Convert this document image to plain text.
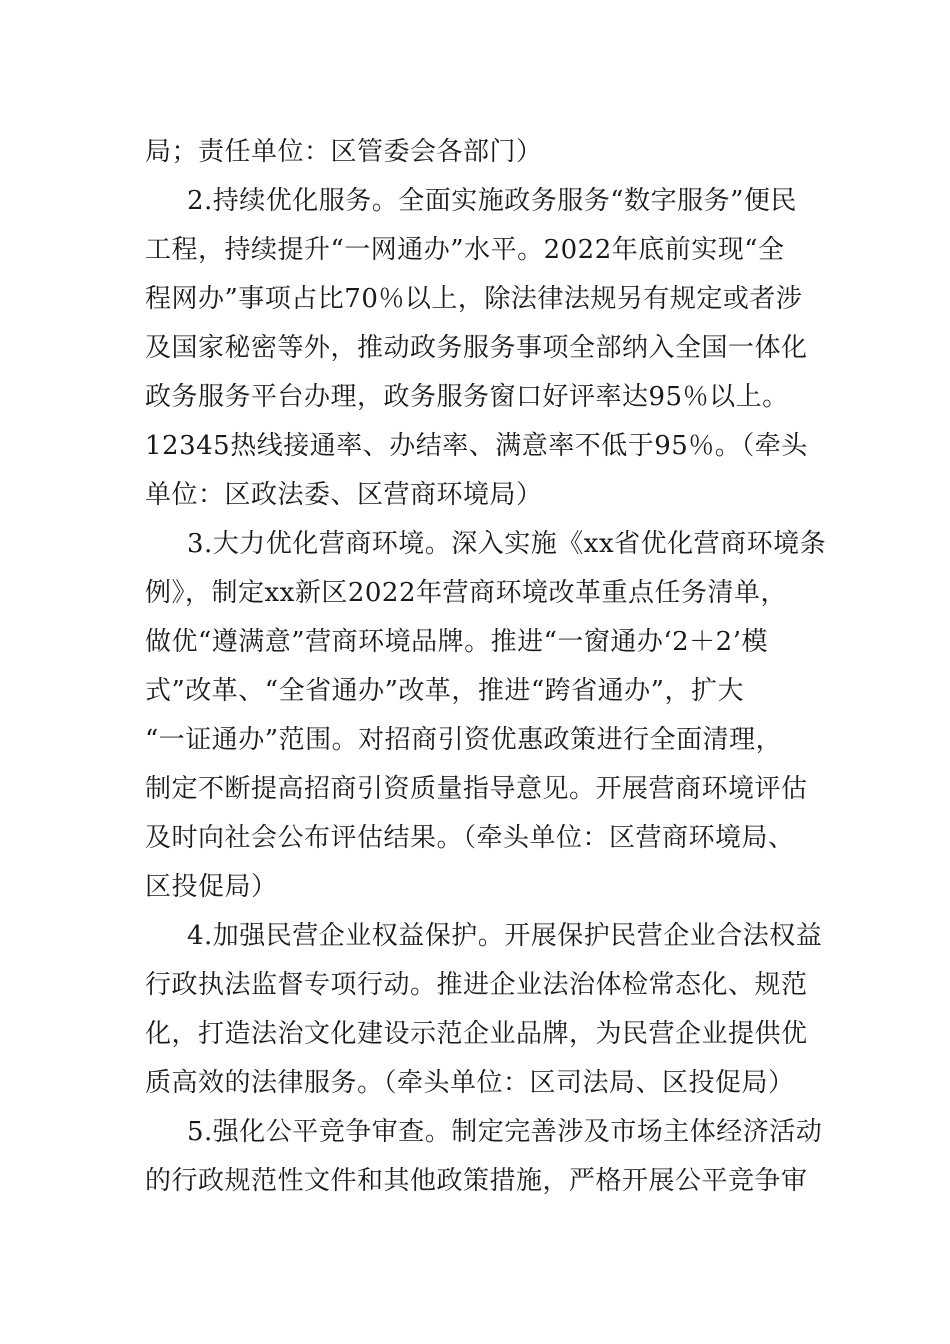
局；责任单位：区管委会各部门）
2.持续优化服务。全面实施政务服务“数字服务”便民
工程，持续提升“一网通办”水平。2022年底前实现“全
程网办”事项占比70％以上，除法律法规另有规定或者涉
及国家秘密等外，推动政务服务事项全部纳入全国一体化
政务服务平台办理，政务服务窗口好评率达95％以上。
12345热线接通率、办结率、满意率不低于95％。（牵头
单位：区政法委、区营商环境局）
3.大力优化营商环境。深入实施《xx省优化营商环境条
例》，制定xx新区2022年营商环境改革重点任务清单，
做优“遵满意”营商环境品牌。推进“一窗通办‘2＋2’模
式”改革、“全省通办”改革，推进“跨省通办”，扩大
“一证通办”范围。对招商引资优惠政策进行全面清理，
制定不断提高招商引资质量指导意见。开展营商环境评估
及时向社会公布评估结果。（牵头单位：区营商环境局、
区投促局）
4.加强民营企业权益保护。开展保护民营企业合法权益
行政执法监督专项行动。推进企业法治体检常态化、规范
化，打造法治文化建设示范企业品牌，为民营企业提供优
质高效的法律服务。（牵头单位：区司法局、区投促局）
5.强化公平竞争审查。制定完善涉及市场主体经济活动
的行政规范性文件和其他政策措施，严格开展公平竞争审
